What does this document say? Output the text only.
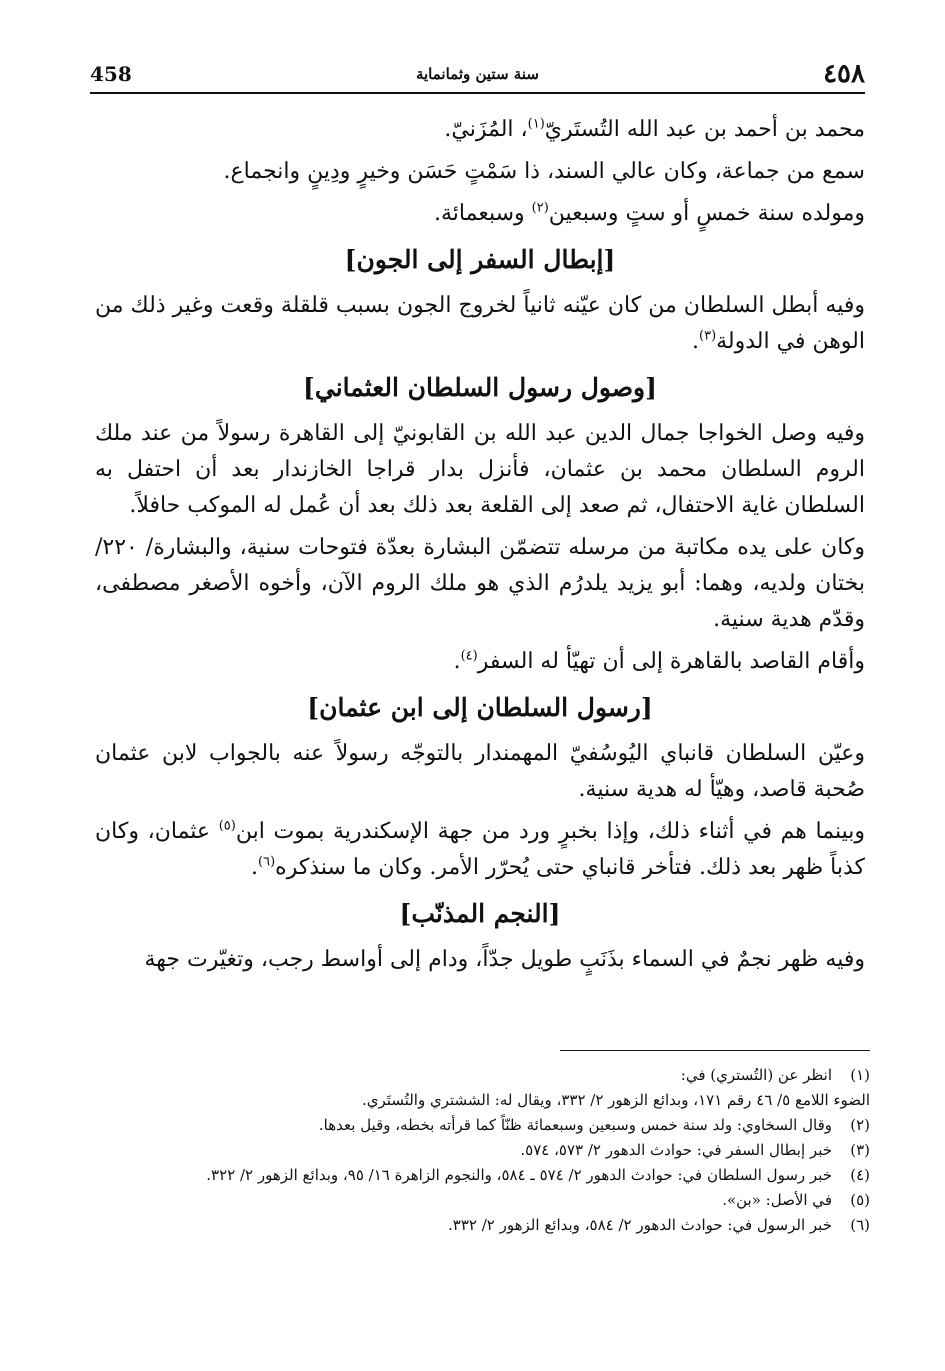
٤٥٨
سنة ستين وثمانماية
458

محمد بن أحمد بن عبد الله التُستَريّ$^{(١)}$، المُزَنيّ.

سمع من جماعة، وكان عالي السند، ذا سَمْتٍ حَسَن وخيرٍ ودِينٍ وانجماع.

ومولده سنة خمسٍ أو ستٍ وسبعين$^{(٢)}$ وسبعمائة.

[إبطال السفر إلى الجون]

وفيه أبطل السلطان من كان عيّنه ثانياً لخروج الجون بسبب قلقلة وقعت وغير ذلك من الوهن في الدولة$^{(٣)}$.

[وصول رسول السلطان العثماني]

وفيه وصل الخواجا جمال الدين عبد الله بن القابونيّ إلى القاهرة رسولاً من عند ملك الروم السلطان محمد بن عثمان، فأنزل بدار قراجا الخازندار بعد أن احتفل به السلطان غاية الاحتفال، ثم صعد إلى القلعة بعد ذلك بعد أن عُمل له الموكب حافلاً.

وكان على يده مكاتبة من مرسله تتضمّن البشارة بعدّة فتوحات سنية، والبشارة/ ٢٢٠/ بختان ولديه، وهما: أبو يزيد يلدرُم الذي هو ملك الروم الآن، وأخوه الأصغر مصطفى، وقدّم هدية سنية.

وأقام القاصد بالقاهرة إلى أن تهيّأ له السفر$^{(٤)}$.

[رسول السلطان إلى ابن عثمان]

وعيّن السلطان قانباي اليُوسُفيّ المهمندار بالتوجّه رسولاً عنه بالجواب لابن عثمان صُحبة قاصد، وهيّأ له هدية سنية.

وبينما هم في أثناء ذلك، وإذا بخبرٍ ورد من جهة الإسكندرية بموت ابن$^{(٥)}$ عثمان، وكان كذباً ظهر بعد ذلك. فتأخر قانباي حتى يُحرّر الأمر. وكان ما سنذكره$^{(٦)}$.

[النجم المذنّب]

وفيه ظهر نجمٌ في السماء بذَنَبٍ طويل جدّاً، ودام إلى أواسط رجب، وتغيّرت جهة

(١)
انظر عن (التُستري) في:
الضوء اللامع ٥/ ٤٦ رقم ١٧١، وبدائع الزهور ٢/ ٣٣٢، ويقال له: الششتري والتُستَري.
(٢)
وقال السخاوي: ولد سنة خمس وسبعين وسبعمائة ظنّاً كما قرأته بخطه، وقيل بعدها.
(٣)
خبر إبطال السفر في: حوادث الدهور ٢/ ٥٧٣، ٥٧٤.
(٤)
خبر رسول السلطان في: حوادث الدهور ٢/ ٥٧٤ ـ ٥٨٤، والنجوم الزاهرة ١٦/ ٩٥، وبدائع الزهور ٢/ ٣٢٢.
(٥)
في الأصل: «بن».
(٦)
خبر الرسول في: حوادث الدهور ٢/ ٥٨٤، وبدائع الزهور ٢/ ٣٣٢.
